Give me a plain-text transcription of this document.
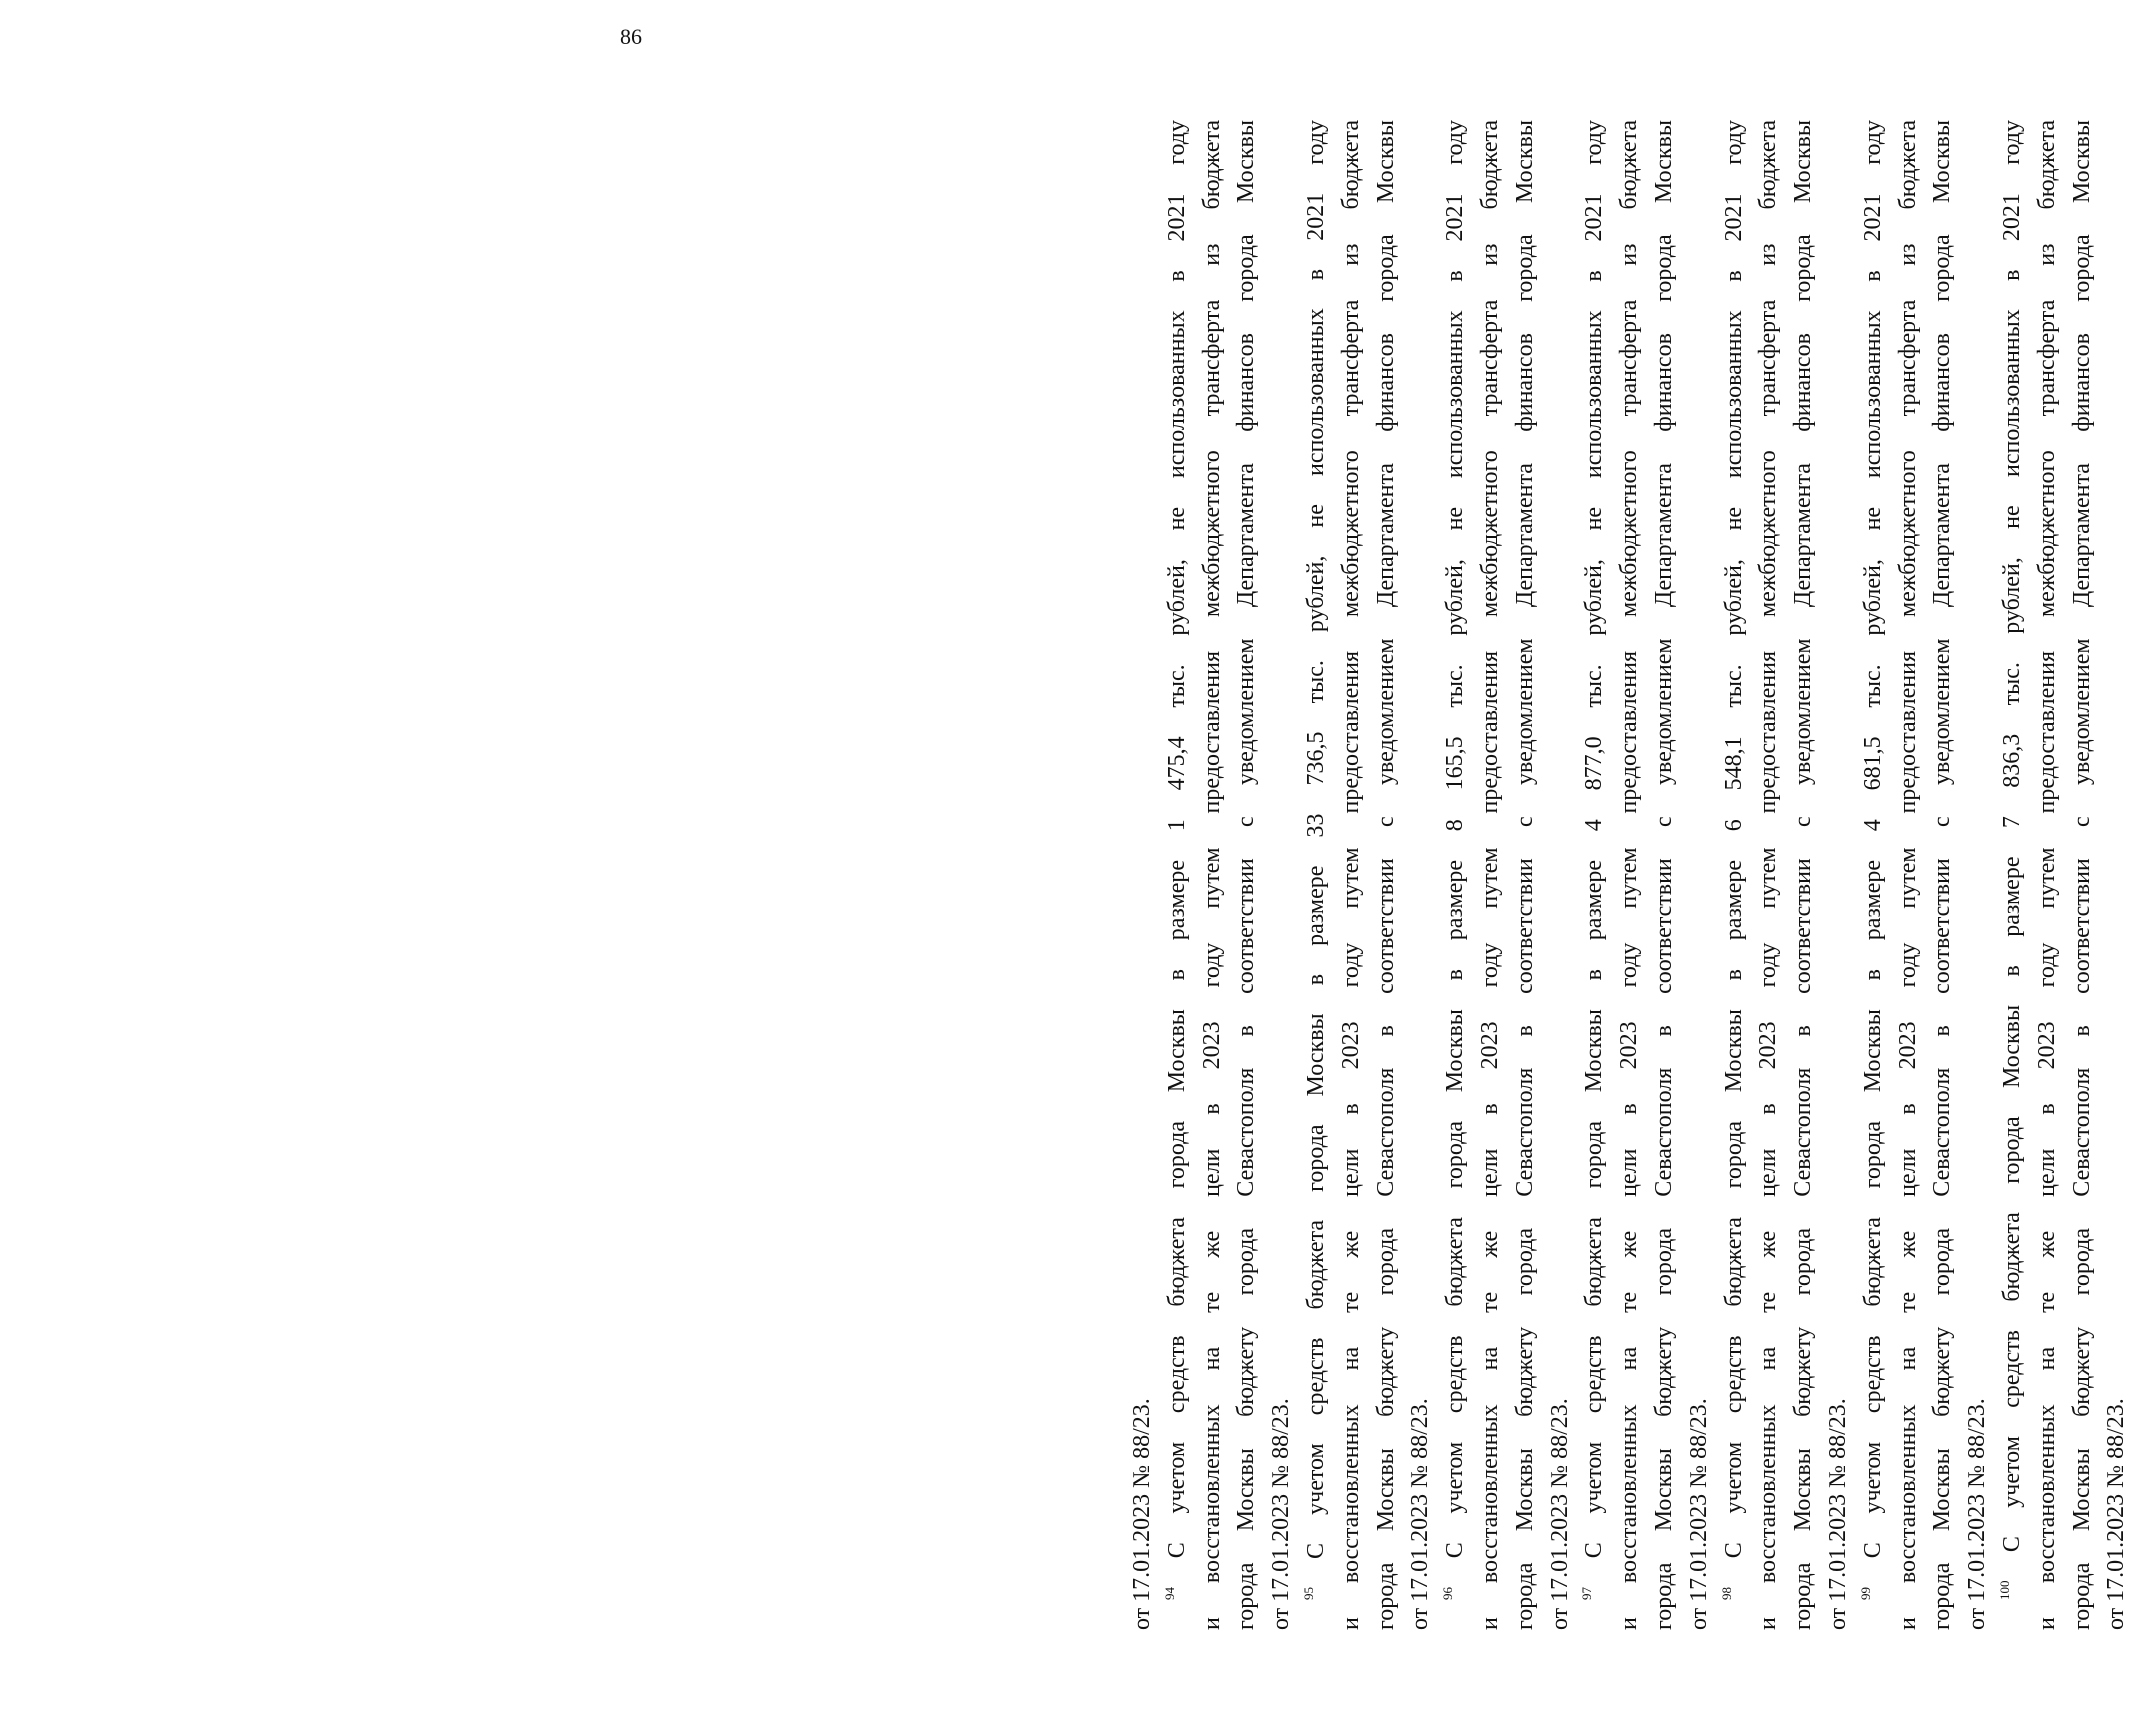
86
от 17.01.2023 № 88/23. $^{94}$ С учетом средств бюджета города Москвы в размере 1 475,4 тыс. рублей, не использованных в 2021 году и восстановленных на те же цели в 2023 году путем предоставления межбюджетного трансферта из бюджета города Москвы бюджету города Севастополя в соответствии с уведомлением Департамента финансов города Москвы от 17.01.2023 № 88/23. $^{95}$ С учетом средств бюджета города Москвы в размере 33 736,5 тыс. рублей, не использованных в 2021 году и восстановленных на те же цели в 2023 году путем предоставления межбюджетного трансферта из бюджета города Москвы бюджету города Севастополя в соответствии с уведомлением Департамента финансов города Москвы от 17.01.2023 № 88/23. $^{96}$ С учетом средств бюджета города Москвы в размере 8 165,5 тыс. рублей, не использованных в 2021 году и восстановленных на те же цели в 2023 году путем предоставления межбюджетного трансферта из бюджета города Москвы бюджету города Севастополя в соответствии с уведомлением Департамента финансов города Москвы от 17.01.2023 № 88/23. $^{97}$ С учетом средств бюджета города Москвы в размере 4 877,0 тыс. рублей, не использованных в 2021 году и восстановленных на те же цели в 2023 году путем предоставления межбюджетного трансферта из бюджета города Москвы бюджету города Севастополя в соответствии с уведомлением Департамента финансов города Москвы от 17.01.2023 № 88/23. $^{98}$ С учетом средств бюджета города Москвы в размере 6 548,1 тыс. рублей, не использованных в 2021 году и восстановленных на те же цели в 2023 году путем предоставления межбюджетного трансферта из бюджета города Москвы бюджету города Севастополя в соответствии с уведомлением Департамента финансов города Москвы от 17.01.2023 № 88/23. $^{99}$ С учетом средств бюджета города Москвы в размере 4 681,5 тыс. рублей, не использованных в 2021 году и восстановленных на те же цели в 2023 году путем предоставления межбюджетного трансферта из бюджета города Москвы бюджету города Севастополя в соответствии с уведомлением Департамента финансов города Москвы от 17.01.2023 № 88/23. $^{100}$ С учетом средств бюджета города Москвы в размере 7 836,3 тыс. рублей, не использованных в 2021 году и восстановленных на те же цели в 2023 году путем предоставления межбюджетного трансферта из бюджета города Москвы бюджету города Севастополя в соответствии с уведомлением Департамента финансов города Москвы от 17.01.2023 № 88/23.
